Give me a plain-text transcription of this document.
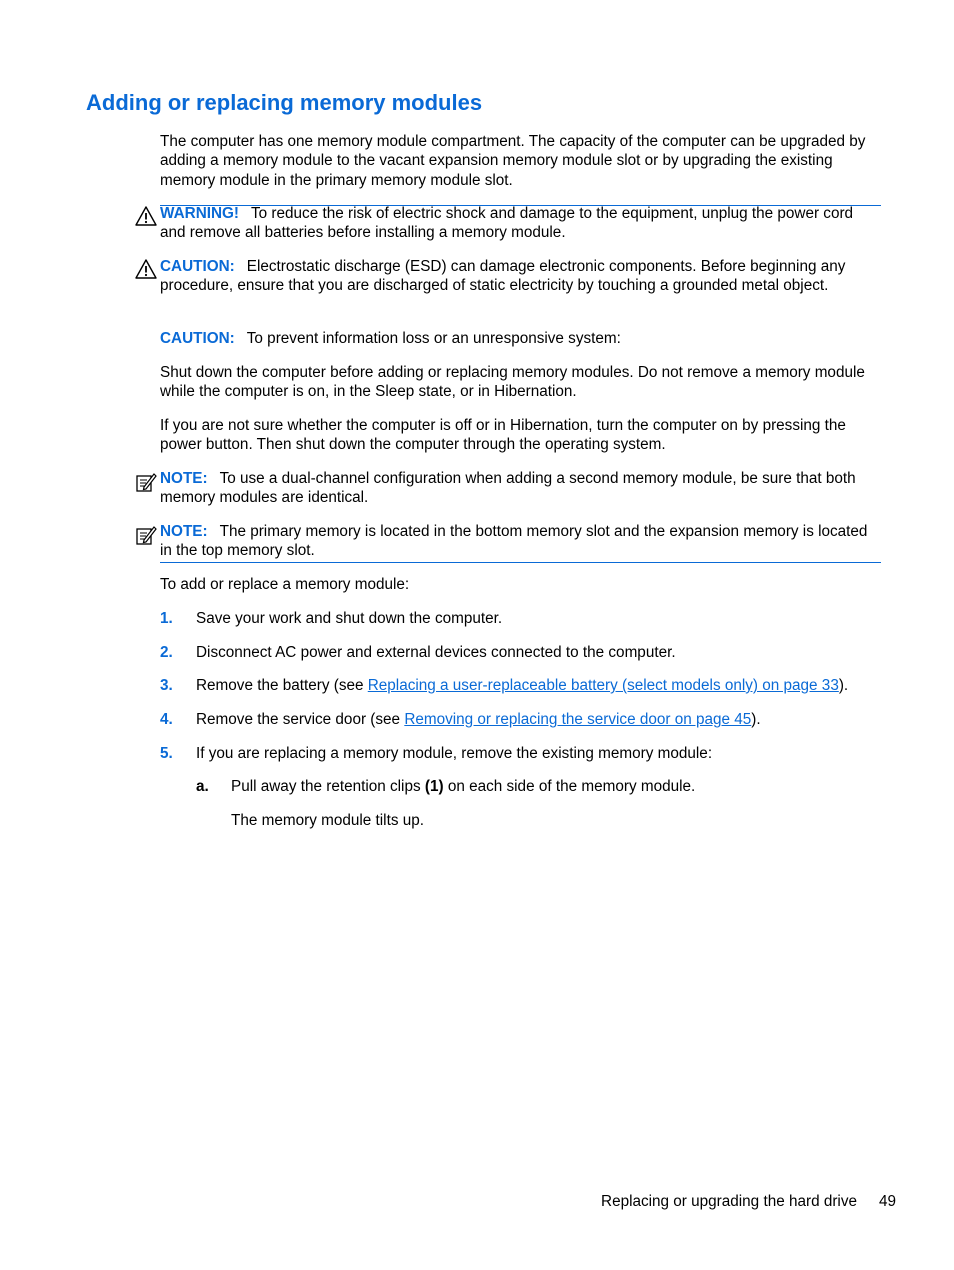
Adding or replacing memory modules

The computer has one memory module compartment. The capacity of the computer can be upgraded by adding a memory module to the vacant expansion memory module slot or by upgrading the existing memory module in the primary memory module slot.

WARNING! To reduce the risk of electric shock and damage to the equipment, unplug the power cord and remove all batteries before installing a memory module.

CAUTION: Electrostatic discharge (ESD) can damage electronic components. Before beginning any procedure, ensure that you are discharged of static electricity by touching a grounded metal object.

CAUTION: To prevent information loss or an unresponsive system:

Shut down the computer before adding or replacing memory modules. Do not remove a memory module while the computer is on, in the Sleep state, or in Hibernation.

If you are not sure whether the computer is off or in Hibernation, turn the computer on by pressing the power button. Then shut down the computer through the operating system.

NOTE: To use a dual-channel configuration when adding a second memory module, be sure that both memory modules are identical.

NOTE: The primary memory is located in the bottom memory slot and the expansion memory is located in the top memory slot.

To add or replace a memory module:

1. Save your work and shut down the computer.
2. Disconnect AC power and external devices connected to the computer.
3. Remove the battery (see Replacing a user-replaceable battery (select models only) on page 33).
4. Remove the service door (see Removing or replacing the service door on page 45).
5. If you are replacing a memory module, remove the existing memory module:
a. Pull away the retention clips (1) on each side of the memory module.
The memory module tilts up.
Replacing or upgrading the hard drive 49
